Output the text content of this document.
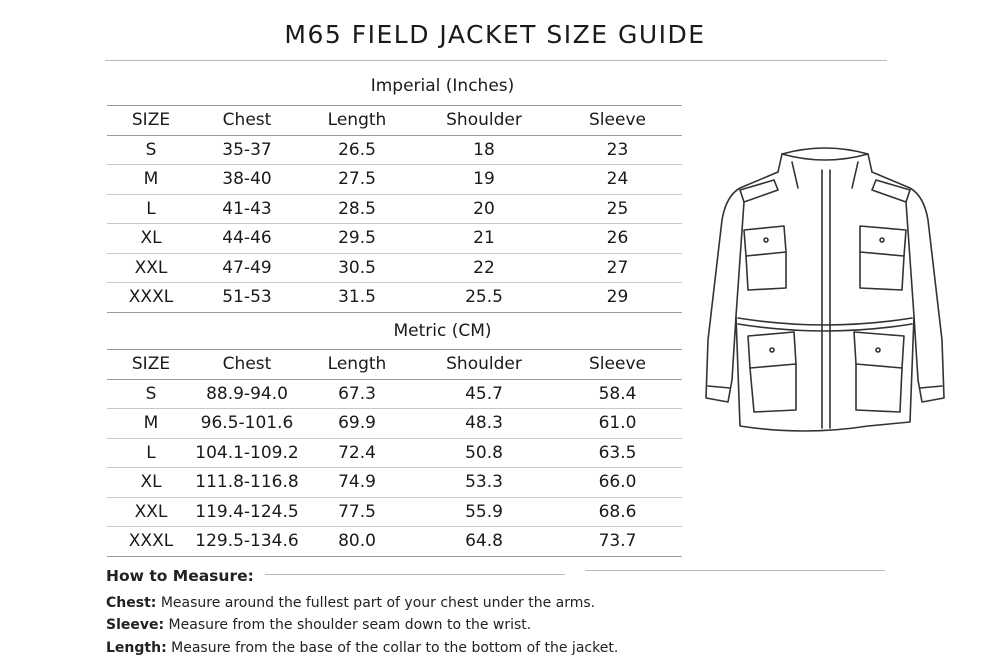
M65 FIELD JACKET SIZE GUIDE
Imperial (Inches)
SIZE	Chest	Length	Shoulder	Sleeve
S	35-37	26.5	18	23
M	38-40	27.5	19	24
L	41-43	28.5	20	25
XL	44-46	29.5	21	26
XXL	47-49	30.5	22	27
XXXL	51-53	31.5	25.5	29
Metric (CM)
SIZE	Chest	Length	Shoulder	Sleeve
S	88.9-94.0	67.3	45.7	58.4
M	96.5-101.6	69.9	48.3	61.0
L	104.1-109.2	72.4	50.8	63.5
XL	111.8-116.8	74.9	53.3	66.0
XXL	119.4-124.5	77.5	55.9	68.6
XXXL	129.5-134.6	80.0	64.8	73.7
How to Measure:
Chest: Measure around the fullest part of your chest under the arms.
Sleeve: Measure from the shoulder seam down to the wrist.
Length: Measure from the base of the collar to the bottom of the jacket.
